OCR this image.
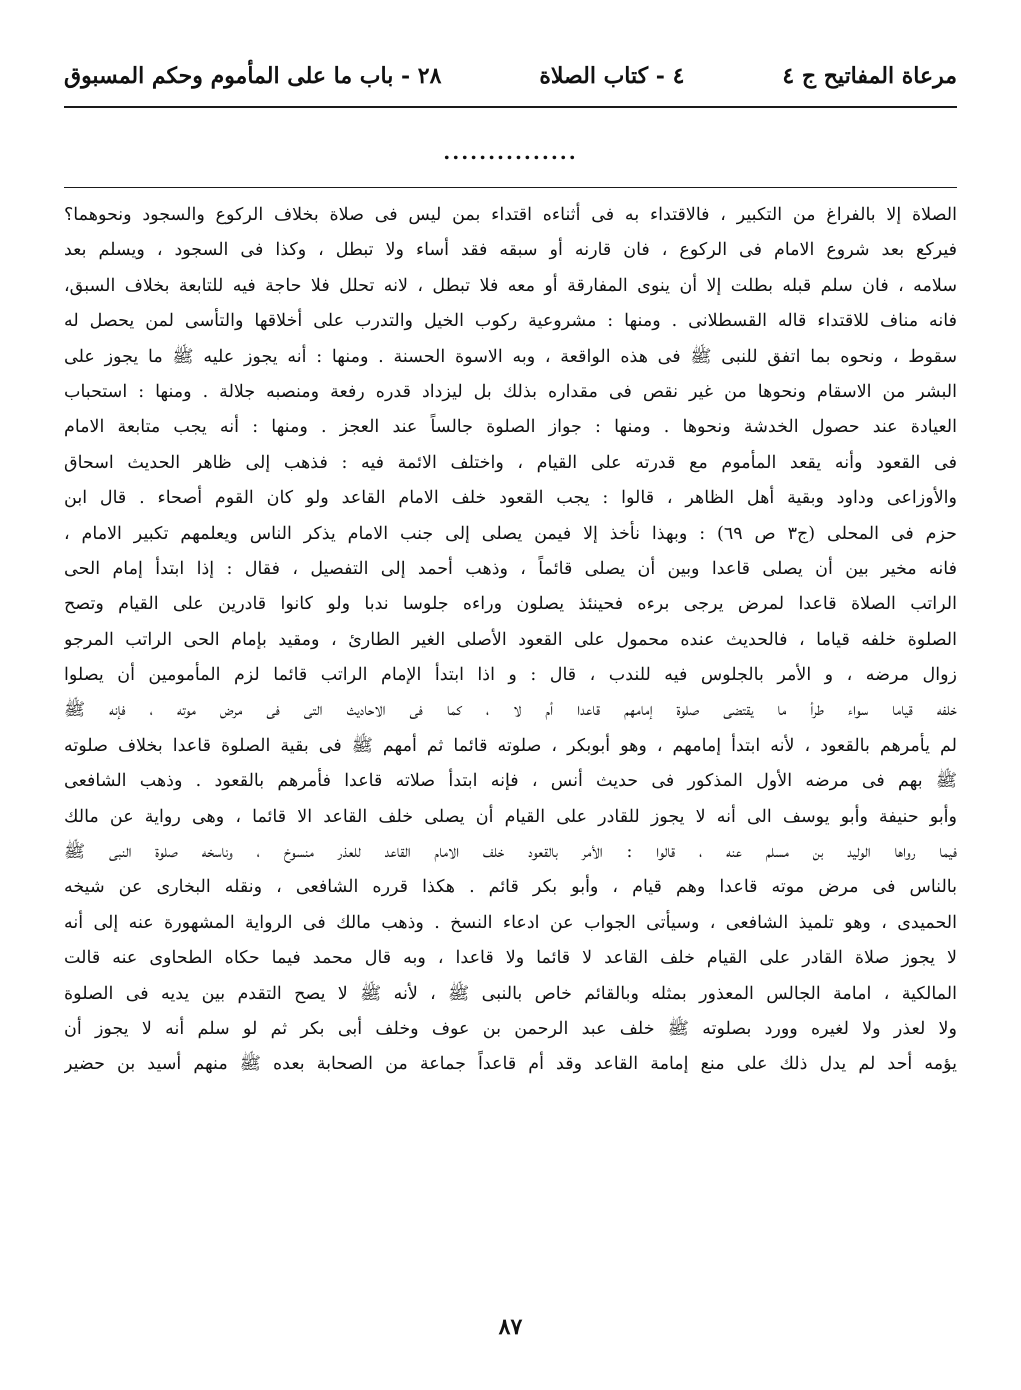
مرعاة المفاتيح ج ٤
٤ - كتاب الصلاة
٢٨ - باب ما على المأموم وحكم المسبوق
...............
الصلاة إلا بالفراغ من التكبير ، فالاقتداء به فى أثناءه اقتداء بمن ليس فى صلاة بخلاف الركوع والسجود ونحوهما؟
فيركع بعد شروع الامام فى الركوع ، فان قارنه أو سبقه فقد أساء ولا تبطل ، وكذا فى السجود ، ويسلم بعد
سلامه ، فان سلم قبله بطلت إلا أن ينوى المفارقة أو معه فلا تبطل ، لانه تحلل فلا حاجة فيه للتابعة بخلاف السبق،
فانه مناف للاقتداء قاله القسطلانى . ومنها : مشروعية ركوب الخيل والتدرب على أخلاقها والتأسى لمن يحصل له
سقوط ، ونحوه بما اتفق للنبى ﷺ فى هذه الواقعة ، وبه الاسوة الحسنة . ومنها : أنه يجوز عليه ﷺ ما يجوز على
البشر من الاسقام ونحوها من غير نقص فى مقداره بذلك بل ليزداد قدره رفعة ومنصبه جلالة . ومنها : استحباب
العيادة عند حصول الخدشة ونحوها . ومنها : جواز الصلوة جالساً عند العجز . ومنها : أنه يجب متابعة الامام
فى القعود وأنه يقعد المأموم مع قدرته على القيام ، واختلف الائمة فيه : فذهب إلى ظاهر الحديث اسحاق
والأوزاعى وداود وبقية أهل الظاهر ، قالوا : يجب القعود خلف الامام القاعد ولو كان القوم أصحاء . قال ابن
حزم فى المحلى (ج٣ ص ٦٩) : وبهذا نأخذ إلا فيمن يصلى إلى جنب الامام يذكر الناس ويعلمهم تكبير الامام ،
فانه مخير بين أن يصلى قاعدا وبين أن يصلى قائماً ، وذهب أحمد إلى التفصيل ، فقال : إذا ابتدأ إمام الحى
الراتب الصلاة قاعدا لمرض يرجى برءه فحينئذ يصلون وراءه جلوسا ندبا ولو كانوا قادرين على القيام وتصح
الصلوة خلفه قياما ، فالحديث عنده محمول على القعود الأصلى الغير الطارئ ، ومقيد بإمام الحى الراتب المرجو
زوال مرضه ، و الأمر بالجلوس فيه للندب ، قال : و اذا ابتدأ الإمام الراتب قائما لزم المأمومين أن يصلوا
خلفه قياما سواء طرأ ما يقتضى صلوة إمامهم قاعدا أم لا ، كما فى الاحاديث التى فى مرض موته ، فإنه ﷺ
لم يأمرهم بالقعود ، لأنه ابتدأ إمامهم ، وهو أبوبكر ، صلوته قائما ثم أمهم ﷺ فى بقية الصلوة قاعدا بخلاف صلوته
ﷺ بهم فى مرضه الأول المذكور فى حديث أنس ، فإنه ابتدأ صلاته قاعدا فأمرهم بالقعود . وذهب الشافعى
وأبو حنيفة وأبو يوسف الى أنه لا يجوز للقادر على القيام أن يصلى خلف القاعد الا قائما ، وهى رواية عن مالك
فيما رواها الوليد بن مسلم عنه ، قالوا : الأمر بالقعود خلف الامام القاعد للعذر منسوخ ، وناسخه صلوة النبى ﷺ
بالناس فى مرض موته قاعدا وهم قيام ، وأبو بكر قائم . هكذا قرره الشافعى ، ونقله البخارى عن شيخه
الحميدى ، وهو تلميذ الشافعى ، وسيأتى الجواب عن ادعاء النسخ . وذهب مالك فى الرواية المشهورة عنه إلى أنه
لا يجوز صلاة القادر على القيام خلف القاعد لا قائما ولا قاعدا ، وبه قال محمد فيما حكاه الطحاوى عنه قالت
المالكية ، امامة الجالس المعذور بمثله وبالقائم خاص بالنبى ﷺ ، لأنه ﷺ لا يصح التقدم بين يديه فى الصلوة
ولا لعذر ولا لغيره وورد بصلوته ﷺ خلف عبد الرحمن بن عوف وخلف أبى بكر ثم لو سلم أنه لا يجوز أن
يؤمه أحد لم يدل ذلك على منع إمامة القاعد وقد أم قاعداً جماعة من الصحابة بعده ﷺ منهم أسيد بن حضير
٨٧
